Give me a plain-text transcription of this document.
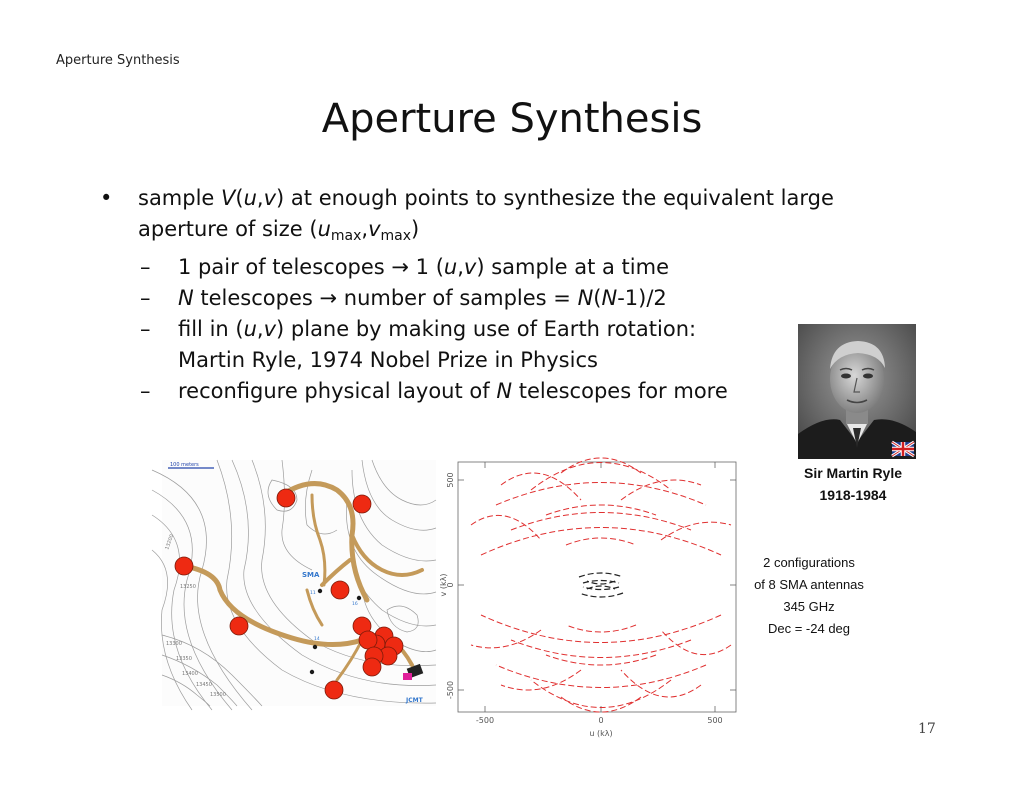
Aperture Synthesis
Aperture Synthesis
• sample V(u,v) at enough points to synthesize the equivalent large
aperture of size $(u_{max},v_{max})$
– 1 pair of telescopes → 1 (u,v) sample at a time
– N telescopes → number of samples = N(N-1)/2
– fill in (u,v) plane by making use of Earth rotation:
Martin Ryle, 1974 Nobel Prize in Physics
– reconfigure physical layout of N telescopes for more
Sir Martin Ryle
1918-1984
2 configurations
of 8 SMA antennas
345 GHz
Dec = -24 deg
13200
13250
13300
13350
13400
13450
13500
100 meters
SMA
11
16
14
JCMT
-500	0	500
500
0
-500
u (kλ)
v (kλ)
17
